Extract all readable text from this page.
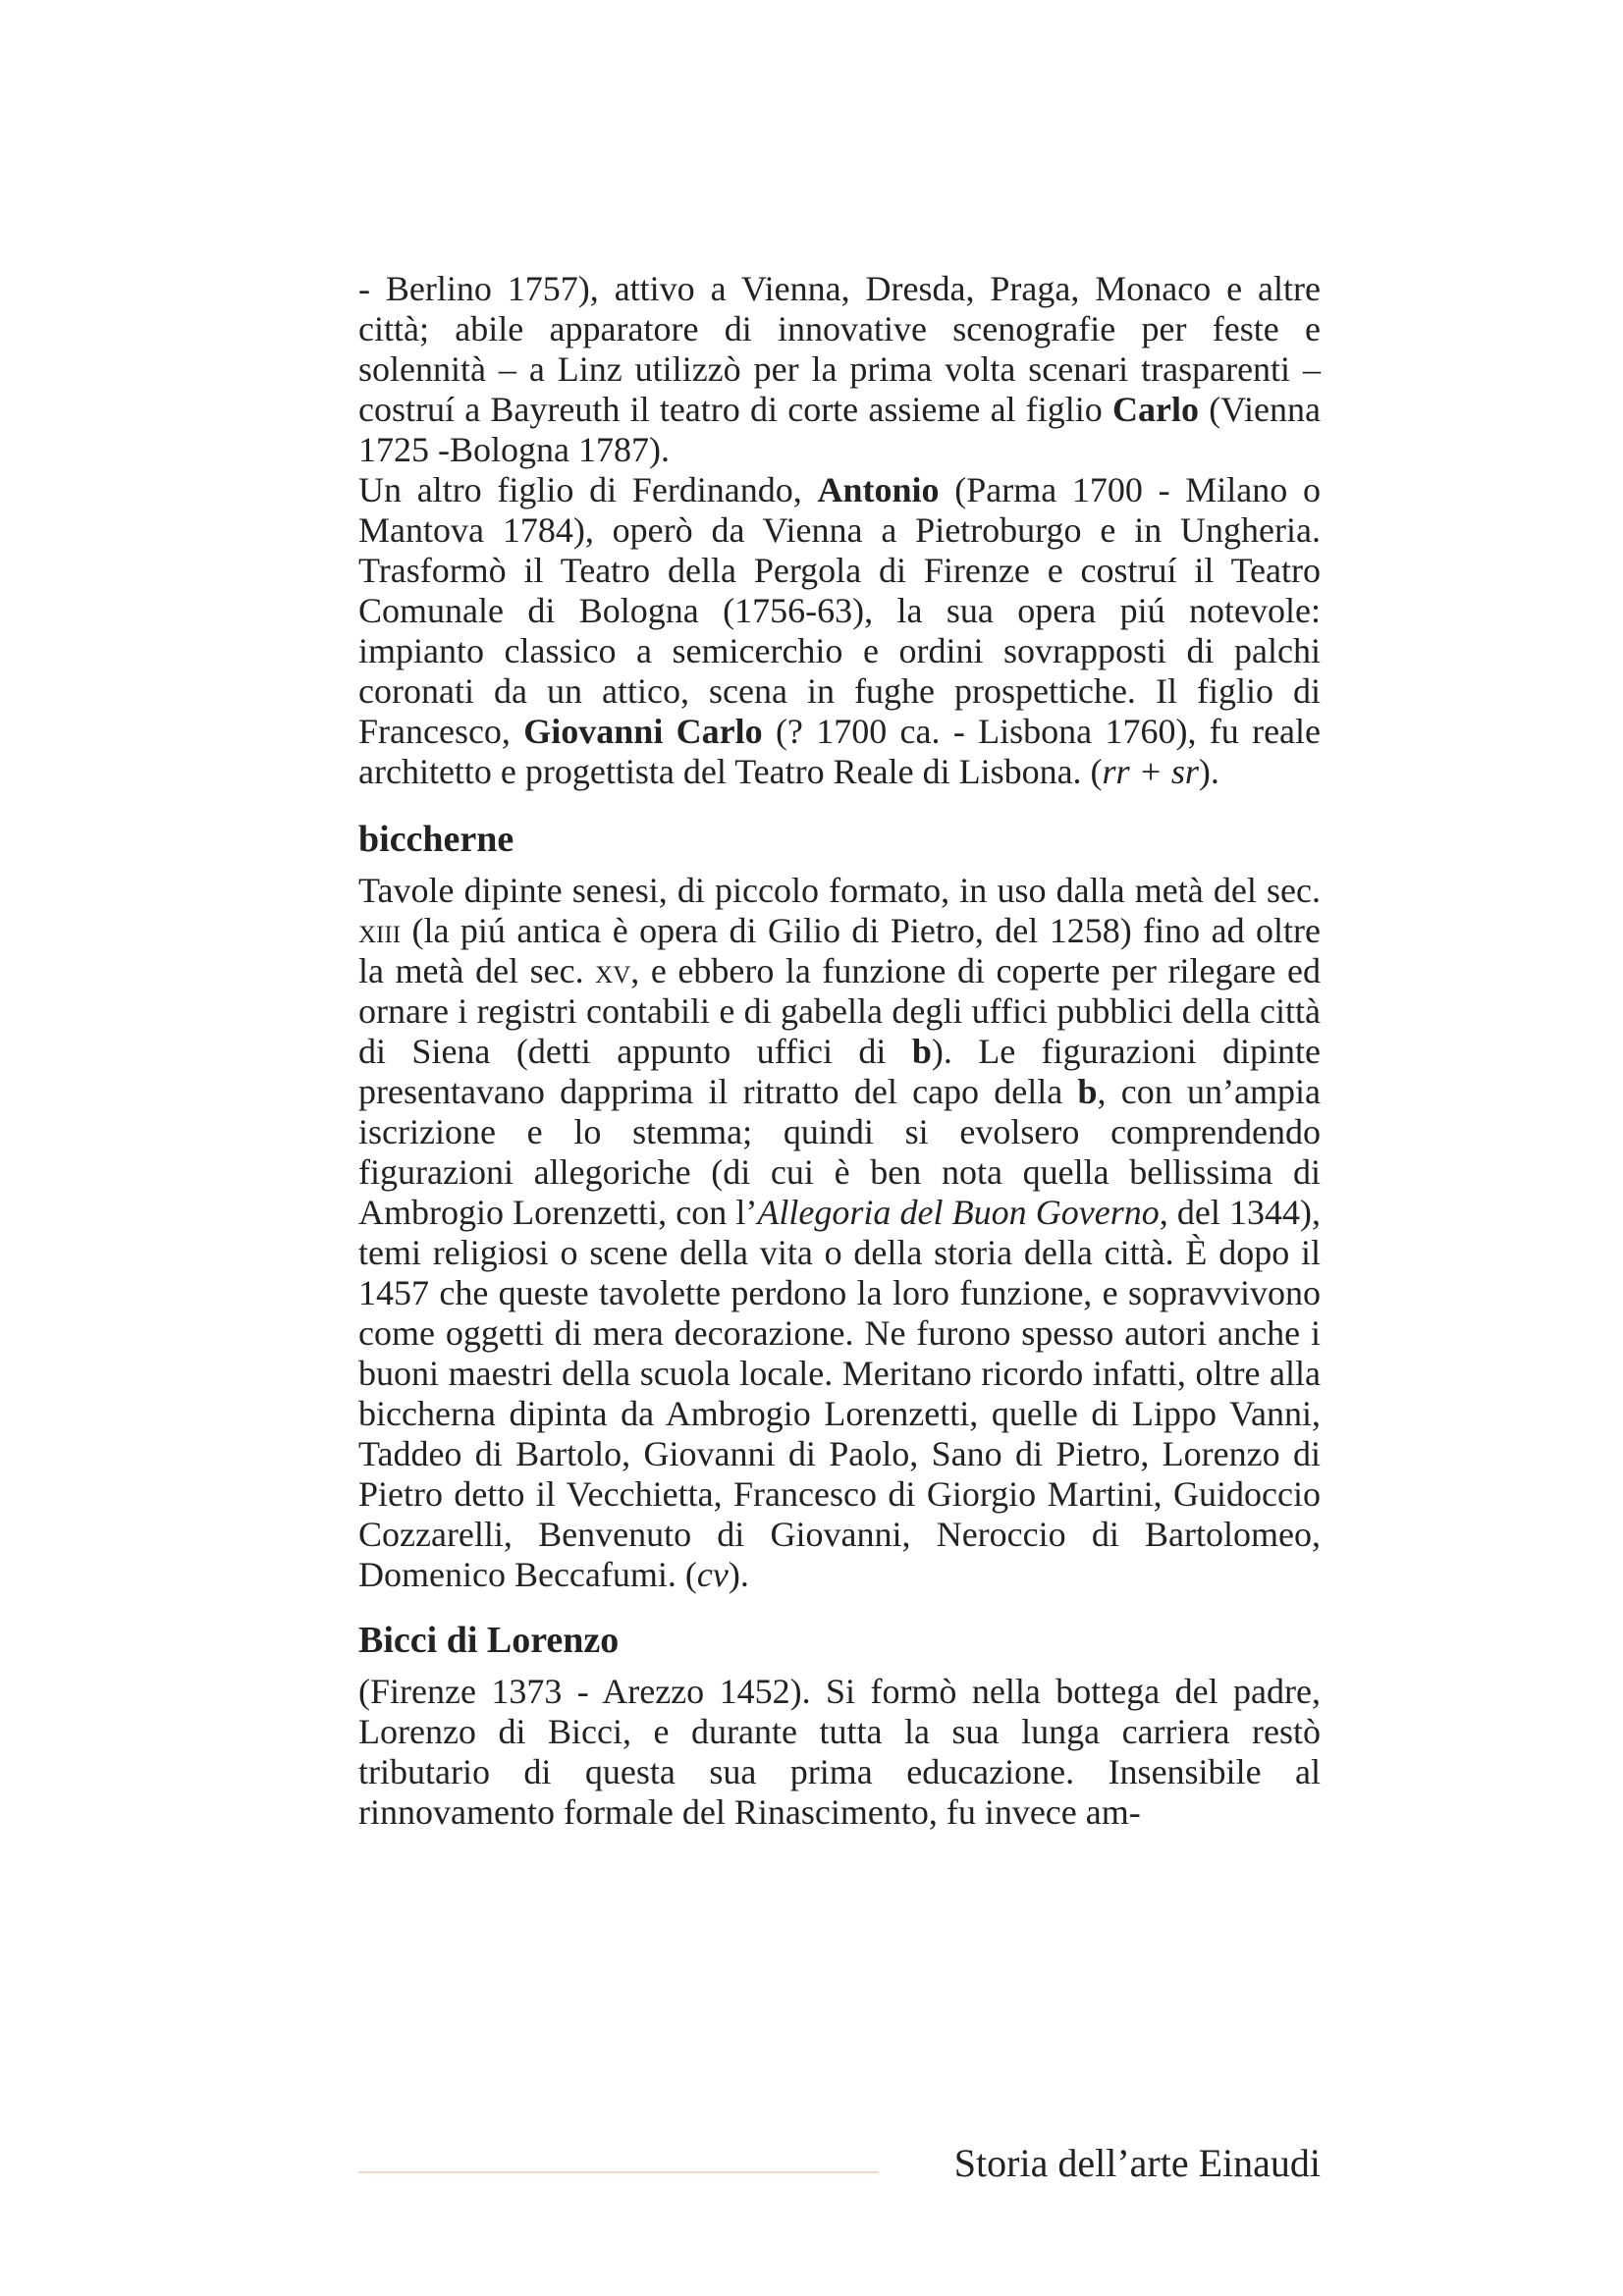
- Berlino 1757), attivo a Vienna, Dresda, Praga, Monaco e altre città; abile apparatore di innovative scenografie per feste e solennità – a Linz utilizzò per la prima volta scenari trasparenti – costruí a Bayreuth il teatro di corte assieme al figlio Carlo (Vienna 1725 -Bologna 1787).

Un altro figlio di Ferdinando, Antonio (Parma 1700 - Milano o Mantova 1784), operò da Vienna a Pietroburgo e in Ungheria. Trasformò il Teatro della Pergola di Firenze e costruí il Teatro Comunale di Bologna (1756-63), la sua opera piú notevole: impianto classico a semicerchio e ordini sovrapposti di palchi coronati da un attico, scena in fughe prospettiche. Il figlio di Francesco, Giovanni Carlo (? 1700 ca. - Lisbona 1760), fu reale architetto e progettista del Teatro Reale di Lisbona. (rr + sr).

biccherne

Tavole dipinte senesi, di piccolo formato, in uso dalla metà del sec. xiii (la piú antica è opera di Gilio di Pietro, del 1258) fino ad oltre la metà del sec. xv, e ebbero la funzione di coperte per rilegare ed ornare i registri contabili e di gabella degli uffici pubblici della città di Siena (detti appunto uffici di b). Le figurazioni dipinte presentavano dapprima il ritratto del capo della b, con un’ampia iscrizione e lo stemma; quindi si evolsero comprendendo figurazioni allegoriche (di cui è ben nota quella bellissima di Ambrogio Lorenzetti, con l’Allegoria del Buon Governo, del 1344), temi religiosi o scene della vita o della storia della città. È dopo il 1457 che queste tavolette perdono la loro funzione, e sopravvivono come oggetti di mera decorazione. Ne furono spesso autori anche i buoni maestri della scuola locale. Meritano ricordo infatti, oltre alla biccherna dipinta da Ambrogio Lorenzetti, quelle di Lippo Vanni, Taddeo di Bartolo, Giovanni di Paolo, Sano di Pietro, Lorenzo di Pietro detto il Vecchietta, Francesco di Giorgio Martini, Guidoccio Cozzarelli, Benvenuto di Giovanni, Neroccio di Bartolomeo, Domenico Beccafumi. (cv).

Bicci di Lorenzo

(Firenze 1373 - Arezzo 1452). Si formò nella bottega del padre, Lorenzo di Bicci, e durante tutta la sua lunga carriera restò tributario di questa sua prima educazione. Insensibile al rinnovamento formale del Rinascimento, fu invece am-

Storia dell’arte Einaudi
